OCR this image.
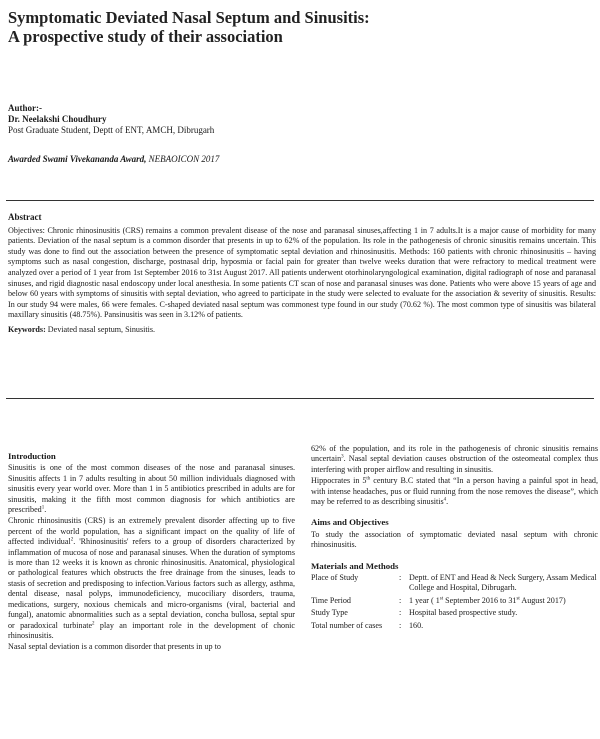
Symptomatic Deviated Nasal Septum and Sinusitis:
A prospective study of their association
Author:-
Dr. Neelakshi Choudhury
Post Graduate Student, Deptt of ENT, AMCH, Dibrugarh
Awarded Swami Vivekananda Award, NEBAOICON 2017
Abstract

Objectives: Chronic rhinosinusitis (CRS) remains a common prevalent disease of the nose and paranasal sinuses,affecting 1 in 7 adults.It is a major cause of morbidity for many patients. Deviation of the nasal septum is a common disorder that presents in up to 62% of the population. Its role in the pathogenesis of chronic sinusitis remains uncertain. This study was done to find out the association between the presence of symptomatic septal deviation and rhinosinusitis. Methods: 160 patients with chronic rhinosinusitis – having symptoms such as nasal congestion, discharge, postnasal drip, hyposmia or facial pain for greater than twelve weeks duration that were refractory to medical treatment were analyzed over a period of 1 year from 1st September 2016 to 31st August 2017. All patients underwent otorhinolaryngological examination, digital radiograph of nose and paranasal sinuses, and rigid diagnostic nasal endoscopy under local anesthesia. In some patients CT scan of nose and paranasal sinuses was done. Patients who were above 15 years of age and below 60 years with symptoms of sinusitis with septal deviation, who agreed to participate in the study were selected to evaluate for the association & severity of sinusitis. Results: In our study 94 were males, 66 were females. C-shaped deviated nasal septum was commonest type found in our study (70.62 %). The most common type of sinusitis was bilateral maxillary sinusitis (48.75%). Pansinusitis was seen in 3.12% of patients.

Keywords: Deviated nasal septum, Sinusitis.

Introduction

Sinusitis is one of the most common diseases of the nose and paranasal sinuses. Sinusitis affects 1 in 7 adults resulting in about 50 million individuals diagnosed with sinusitis every year world over. More than 1 in 5 antibiotics prescribed in adults are for sinusitis, making it the fifth most common diagnosis for which antibiotics are prescribed$^1$.

Chronic rhinosinusitis (CRS) is an extremely prevalent disorder affecting up to five percent of the world population, has a significant impact on the quality of life of affected individual$^2$. 'Rhinosinusitis' refers to a group of disorders characterized by inflammation of mucosa of nose and paranasal sinuses. When the duration of symptoms is more than 12 weeks it is known as chronic rhinosinusitis. Anatomical, physiological or pathological features which obstructs the free drainage from the sinuses, leads to stasis of secretion and predisposing to infection.Various factors such as allergy, asthma, dental disease, nasal polyps, immunodeficiency, mucociliary disorders, trauma, medications, surgery, noxious chemicals and micro-organisms (viral, bacterial and fungal), anatomic abnormalities such as a septal deviation, concha bullosa, septal spur or paradoxical turbinate$^2$ play an important role in the development of chonic rhinosinusitis.

Nasal septal deviation is a common disorder that presents in up to

62% of the population, and its role in the pathogenesis of chronic sinusitis remains uncertain$^3$. Nasal septal deviation causes obstruction of the osteomeatal complex thus interfering with proper airflow and resulting in sinusitis.

Hippocrates in 5th century B.C stated that “In a person having a painful spot in head, with intense headaches, pus or fluid running from the nose removes the disease”, which may be referred to as describing sinusitis$^4$.

Aims and Objectives

To study the association of symptomatic deviated nasal septum with chronic rhinosinusitis.

Materials and Methods
Place of Study	:	Deptt. of ENT and Head & Neck Surgery, Assam Medical College and Hospital, Dibrugarh.
Time Period	:	1 year ( 1st September 2016 to 31st August 2017)
Study Type	:	Hospital based prospective study.
Total number of cases	:	160.
